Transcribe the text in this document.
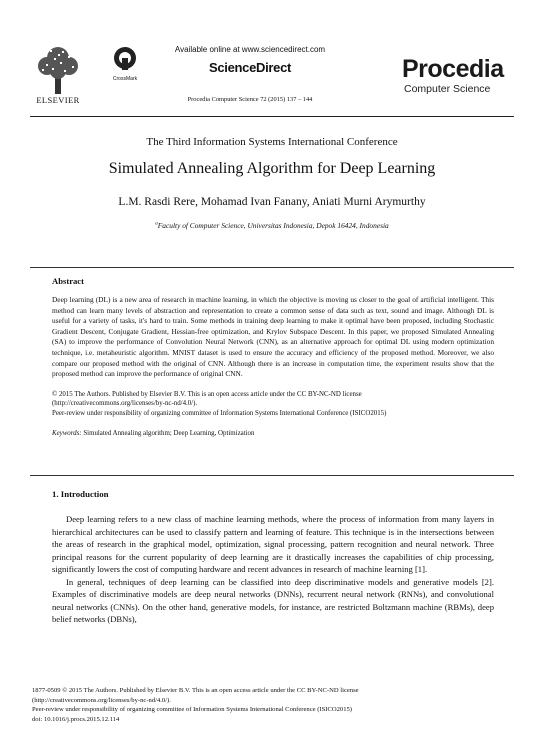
ELSEVIER
CrossMark
Available online at www.sciencedirect.com
ScienceDirect
Procedia Computer Science 72 (2015) 137 – 144
Procedia
Computer Science
The Third Information Systems International Conference
Simulated Annealing Algorithm for Deep Learning
L.M. Rasdi Rere, Mohamad Ivan Fanany, Aniati Murni Arymurthy
$^a$Faculty of Computer Science, Universitas Indonesia, Depok 16424, Indonesia
Abstract
Deep learning (DL) is a new area of research in machine learning, in which the objective is moving us closer to the goal of artificial intelligent. This method can learn many levels of abstraction and representation to create a common sense of data such as text, sound and image. Although DL is useful for a variety of tasks, it's hard to train. Some methods in training deep learning to make it optimal have been proposed, including Stochastic Gradient Descent, Conjugate Gradient, Hessian-free optimization, and Krylov Subspace Descent. In this paper, we proposed Simulated Annealing (SA) to improve the performance of Convolution Neural Network (CNN), as an alternative approach for optimal DL using modern optimization technique, i.e. metaheuristic algorithm. MNIST dataset is used to ensure the accuracy and efficiency of the proposed method. Moreover, we also compare our proposed method with the original of CNN. Although there is an increase in computation time, the experiment results show that the proposed method can improve the performance of original CNN.
© 2015 The Authors. Published by Elsevier B.V. This is an open access article under the CC BY-NC-ND license
(http://creativecommons.org/licenses/by-nc-nd/4.0/).
Peer-review under responsibility of organizing committee of Information Systems International Conference (ISICO2015)
Keywords: Simulated Annealing algorithm; Deep Learning, Optimization
1. Introduction

Deep learning refers to a new class of machine learning methods, where the process of information from many layers in hierarchical architectures can be used to classify pattern and learning of feature. This technique is in the intersections between the areas of research in the graphical model, optimization, signal processing, pattern recognition and neural network. Three principal reasons for the current popularity of deep learning are it drastically increases the capabilities of chip processing, significantly lowers the cost of computing hardware and recent advances in research of machine learning [1].

In general, techniques of deep learning can be classified into deep discriminative models and generative models [2]. Examples of discriminative models are deep neural networks (DNNs), recurrent neural network (RNNs), and convolutional neural networks (CNNs). On the other hand, generative models, for instance, are restricted Boltzmann machine (RBMs), deep belief networks (DBNs),

1877-0509 © 2015 The Authors. Published by Elsevier B.V. This is an open access article under the CC BY-NC-ND license
(http://creativecommons.org/licenses/by-nc-nd/4.0/).
Peer-review under responsibility of organizing committee of Information Systems International Conference (ISICO2015)
doi: 10.1016/j.procs.2015.12.114
